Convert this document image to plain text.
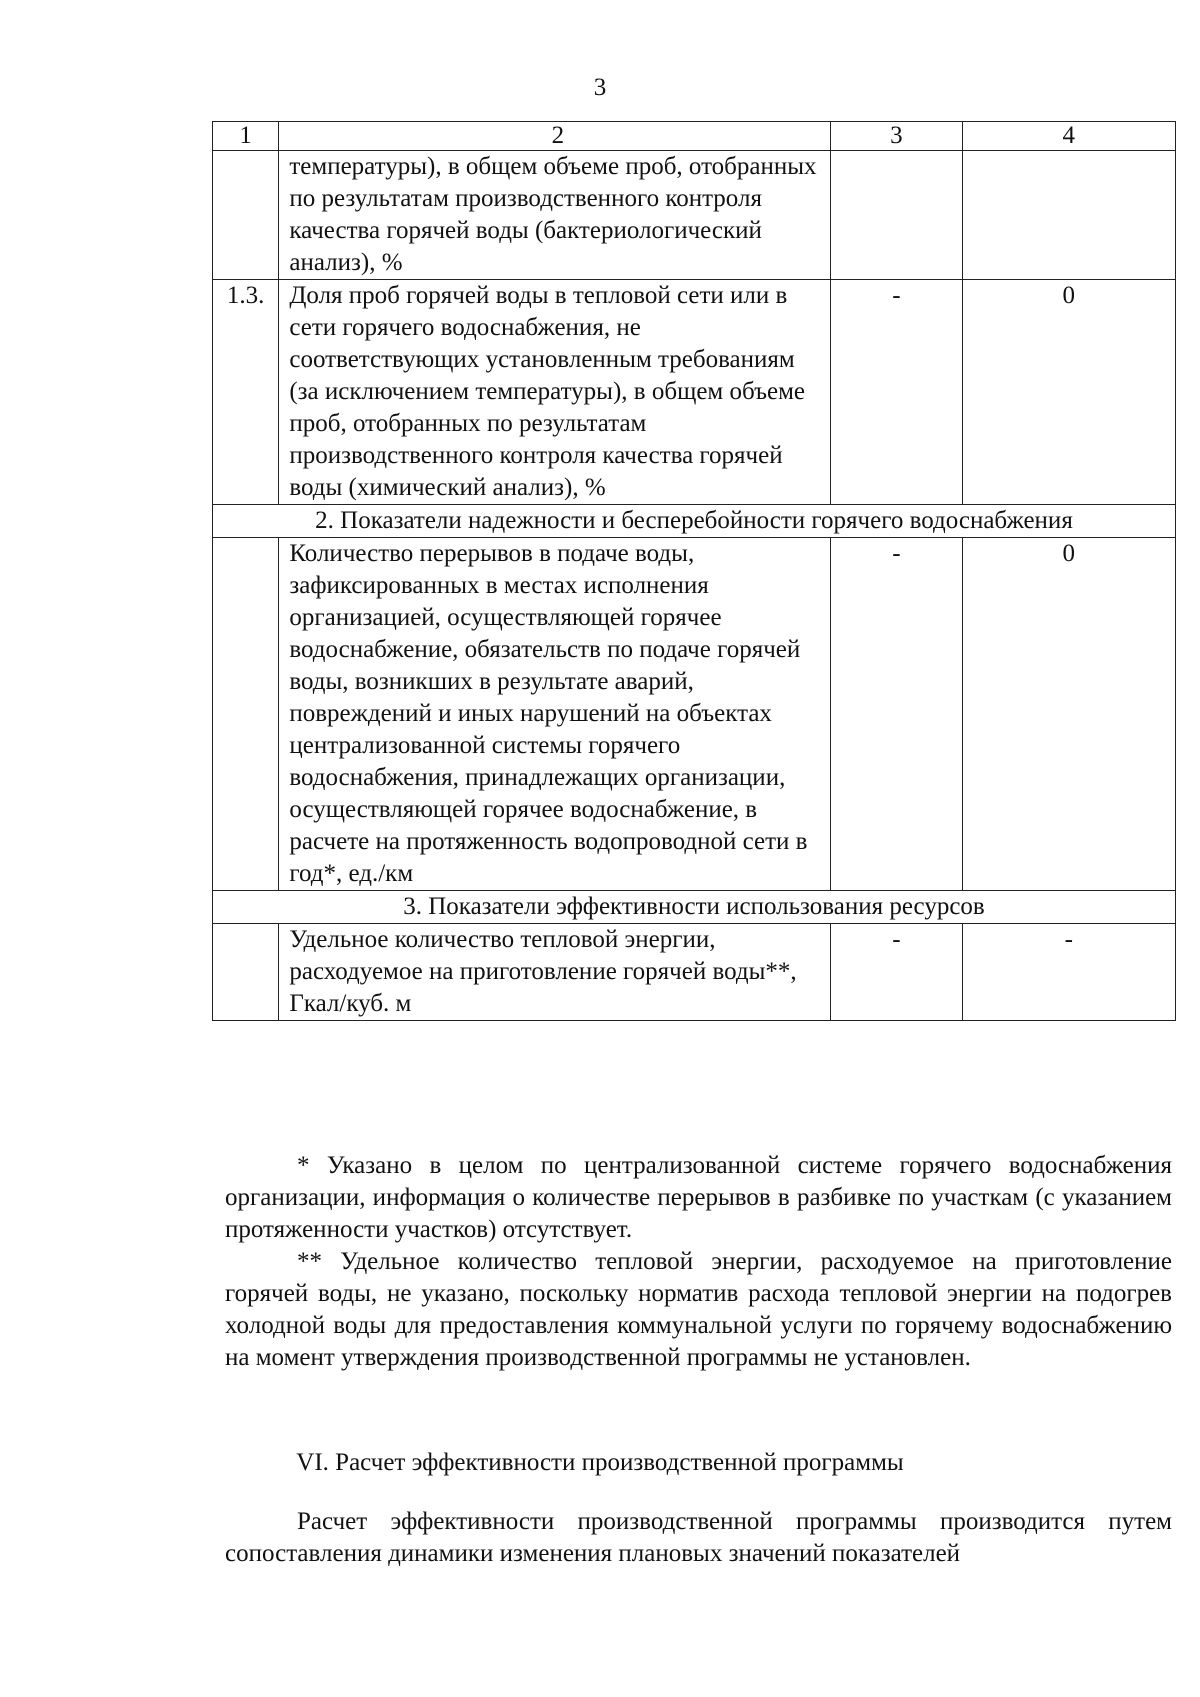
3
1	2	3	4
	температуры), в общем объеме проб, отобранных по результатам производственного контроля качества горячей воды (бактериологический анализ), %		
1.3.	Доля проб горячей воды в тепловой сети или в сети горячего водоснабжения, не соответствующих установленным требованиям (за исключением температуры), в общем объеме проб, отобранных по результатам производственного контроля качества горячей воды (химический анализ), %	-	0
2. Показатели надежности и бесперебойности горячего водоснабжения			
	Количество перерывов в подаче воды, зафиксированных в местах исполнения организацией, осуществляющей горячее водоснабжение, обязательств по подаче горячей воды, возникших в результате аварий, повреждений и иных нарушений на объектах централизованной системы горячего водоснабжения, принадлежащих организации, осуществляющей горячее водоснабжение, в расчете на протяженность водопроводной сети в год*, ед./км	-	0
3. Показатели эффективности использования ресурсов			
	Удельное количество тепловой энергии, расходуемое на приготовление горячей воды**, Гкал/куб. м	-	-

* Указано в целом по централизованной системе горячего водоснабжения организации, информация о количестве перерывов в разбивке по участкам (с указанием протяженности участков) отсутствует.

** Удельное количество тепловой энергии, расходуемое на приготовление горячей воды, не указано, поскольку норматив расхода тепловой энергии на подогрев холодной воды для предоставления коммунальной услуги по горячему водоснабжению на момент утверждения производственной программы не установлен.

VI. Расчет эффективности производственной программы

Расчет эффективности производственной программы производится путем сопоставления динамики изменения плановых значений показателей
